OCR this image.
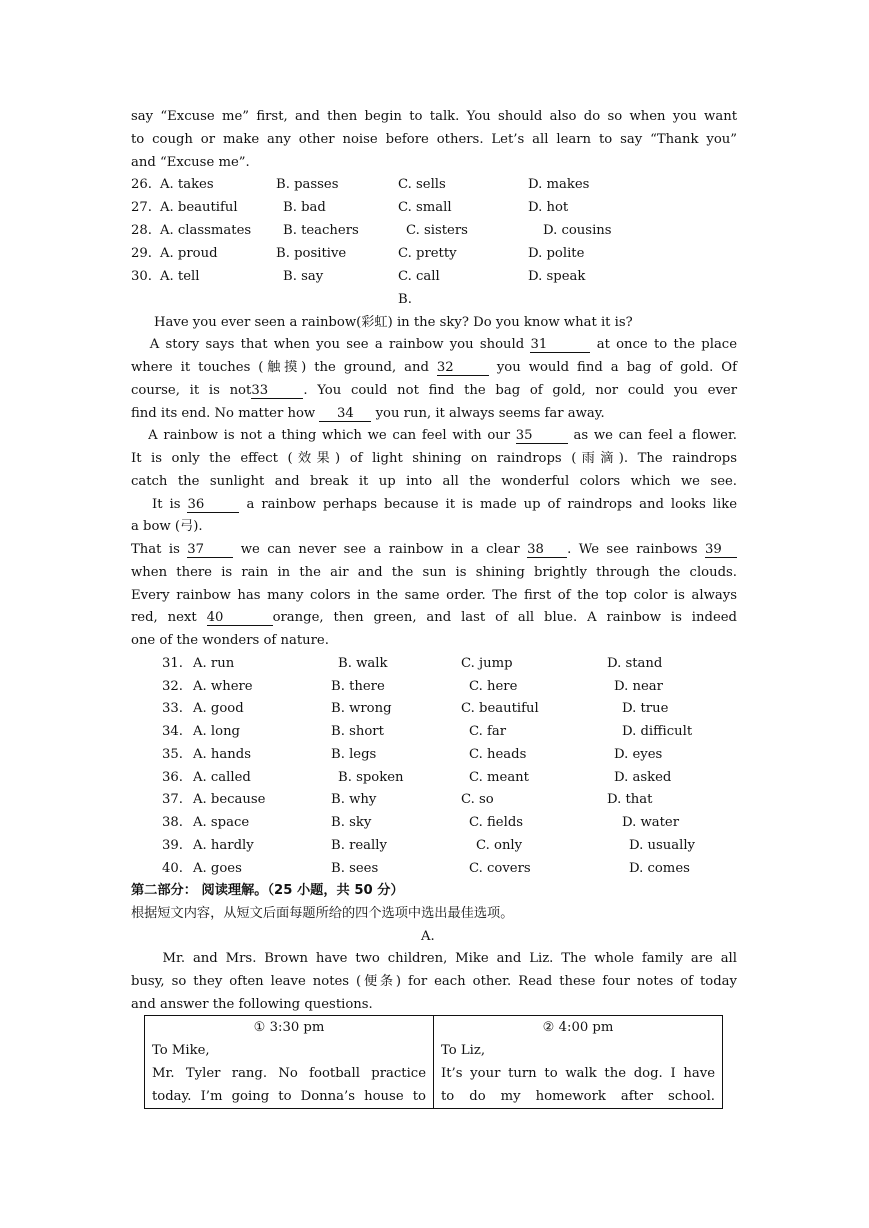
say “Excuse me” first, and then begin to talk. You should also do so when you want
to cough or make any other noise before others. Let’s all learn to say “Thank you”
and “Excuse me”.
26. A. takes	B. passes	C. sells	D. makes
27. A. beautiful	B. bad	C. small	D. hot
28. A. classmates B. teachers	C. sisters	D. cousins
29. A. proud	B. positive	C. pretty	D. polite
30. A. tell	B. say	C. call	D. speak
B.
Have you ever seen a rainbow(彩虹) in the sky? Do you know what it is?
A story says that when you see a rainbow you should 31	at once to the place
where it touches (触摸) the ground, and 32	you would find a bag of gold. Of
course, it is not33	. You could not find the bag of gold, nor could you ever
find its end. No matter how 34 you run, it always seems far away.
A rainbow is not a thing which we can feel with our 35	as we can feel a flower.
It is only the effect (效果) of light shining on raindrops (雨滴). The raindrops
catch the sunlight and break it up into all the wonderful colors which we see.
It is 36	a rainbow perhaps because it is made up of raindrops and looks like
a bow (弓).
That is 37	we can never see a rainbow in a clear 38 . We see rainbows 39
when there is rain in the air and the sun is shining brightly through the clouds.
Every rainbow has many colors in the same order. The first of the top color is always
red, next 40	orange, then green, and last of all blue. A rainbow is indeed
one of the wonders of nature.
31. A. run	B. walk	C. jump	D. stand
32. A. where	B. there	C. here	D. near
33. A. good	B. wrong	C. beautiful	D. true
34. A. long	B. short	C. far	D. difficult
35. A. hands	B. legs	C. heads	D. eyes
36. A. called	B. spoken	C. meant	D. asked
37. A. because	B. why	C. so	D. that
38. A. space	B. sky	C. fields	D. water
39. A. hardly	B. really	C. only	D. usually
40. A. goes	B. sees	C. covers	D. comes
第二部分： 阅读理解。（25 小题，共 50 分）
根据短文内容，从短文后面每题所给的四个选项中选出最佳选项。
A.
Mr. and Mrs. Brown have two children, Mike and Liz. The whole family are all
busy, so they often leave notes (便条) for each other. Read these four notes of today
and answer the following questions.
① 3:30 pm
To Mike,
Mr. Tyler rang. No football practice
today. I’m going to Donna’s house to

② 4:00 pm
To Liz,
It’s your turn to walk the dog. I have
to do my homework after school.
